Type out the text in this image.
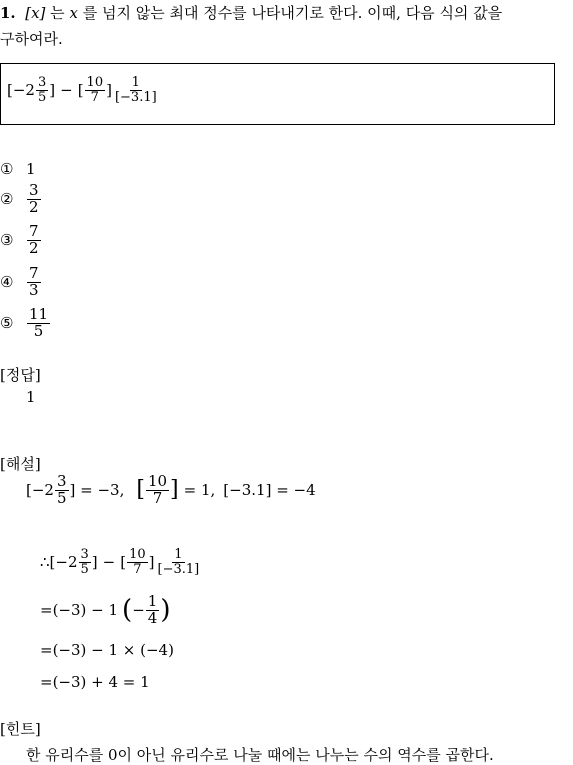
1. [x] 는 x 를 넘지 않는 최대 정수를 나타내기로 한다. 이때, 다음 식의 값을
구하여라.
[$-2 \frac{3}{5}$ ] − [ $\frac{10}{7}$ ] $\frac{1}{[-3.1]}$
① 1
② $\frac{3}{2}$
③ $\frac{7}{2}$
④ $\frac{7}{3}$
⑤ $\frac{11}{5}$
[정답]
1
[해설]
[$-2 \frac{3}{5}$ ] = −3, [ $\frac{10}{7}$ ] = 1, [−3.1] = −4
∴ [$-2 \frac{3}{5}$ ] − [ $\frac{10}{7}$ ] $\frac{1}{[-3.1]}$
=(−3) − 1 ( − $\frac{1}{4}$ )
=(−3) − 1 × (−4)
=(−3) + 4 = 1
[힌트]
한 유리수를 0이 아닌 유리수로 나눌 때에는 나누는 수의 역수를 곱한다.
